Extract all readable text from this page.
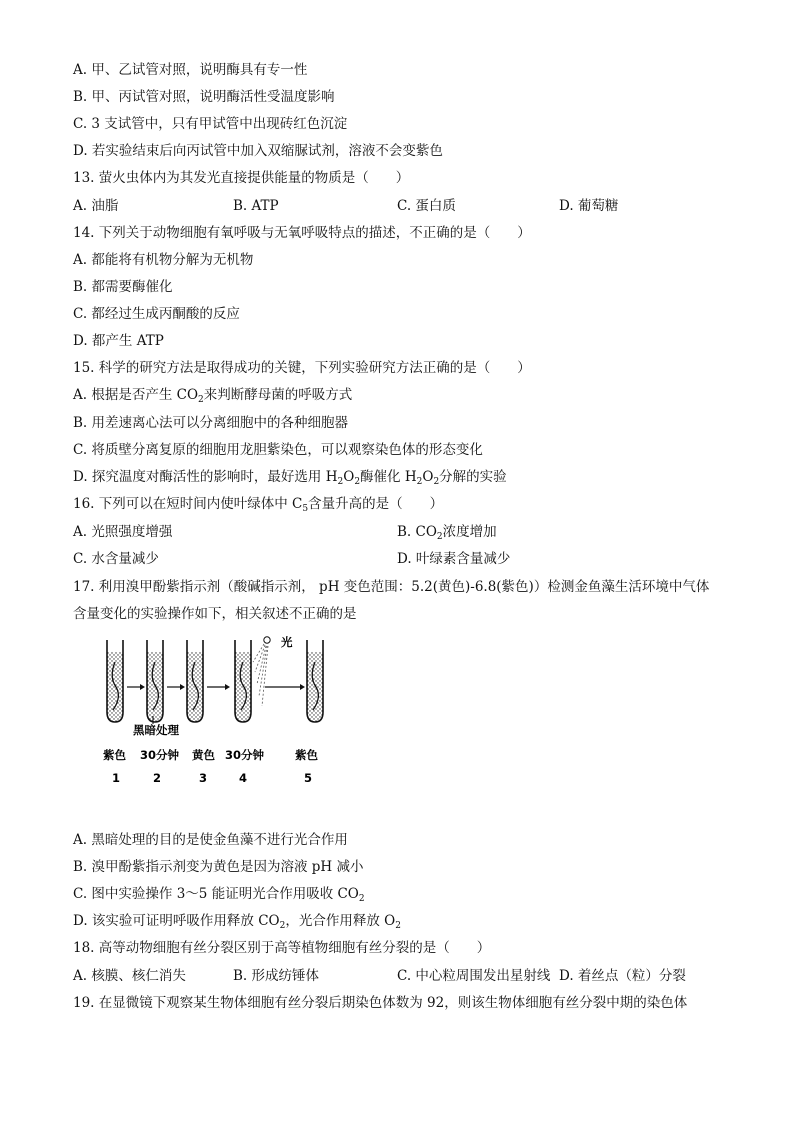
A. 甲、乙试管对照，说明酶具有专一性
B. 甲、丙试管对照，说明酶活性受温度影响
C. 3 支试管中，只有甲试管中出现砖红色沉淀
D. 若实验结束后向丙试管中加入双缩脲试剂，溶液不会变紫色
13. 萤火虫体内为其发光直接提供能量的物质是（　　）
A. 油脂	B. ATP	C. 蛋白质	D. 葡萄糖
14. 下列关于动物细胞有氧呼吸与无氧呼吸特点的描述，不正确的是（　　）
A. 都能将有机物分解为无机物
B. 都需要酶催化
C. 都经过生成丙酮酸的反应
D. 都产生 ATP
15. 科学的研究方法是取得成功的关键，下列实验研究方法正确的是（　　）
A. 根据是否产生 $CO_2$来判断酵母菌的呼吸方式
B. 用差速离心法可以分离细胞中的各种细胞器
C. 将质壁分离复原的细胞用龙胆紫染色，可以观察染色体的形态变化
D. 探究温度对酶活性的影响时，最好选用 $H_2O_2$酶催化 $H_2O_2$分解的实验
16. 下列可以在短时间内使叶绿体中 $C_5$含量升高的是（　　）
A. 光照强度增强	B. $CO_2$浓度增加
C. 水含量减少	D. 叶绿素含量减少
17. 利用溴甲酚紫指示剂（酸碱指示剂， pH 变色范围：5.2(黄色)-6.8(紫色)）检测金鱼藻生活环境中气体
含量变化的实验操作如下，相关叙述不正确的是
光
黑暗处理
紫色 30分钟 黄色 30分钟	紫色
1	2	3	4	5
A. 黑暗处理的目的是使金鱼藻不进行光合作用
B. 溴甲酚紫指示剂变为黄色是因为溶液 pH 减小
C. 图中实验操作 3～5 能证明光合作用吸收 $CO_2$
D. 该实验可证明呼吸作用释放 $CO_2$，光合作用释放 $O_2$
18. 高等动物细胞有丝分裂区别于高等植物细胞有丝分裂的是（　　）
A. 核膜、核仁消失	B. 形成纺锤体	C. 中心粒周围发出星射线 D. 着丝点（粒）分裂
19. 在显微镜下观察某生物体细胞有丝分裂后期染色体数为 92，则该生物体细胞有丝分裂中期的染色体
